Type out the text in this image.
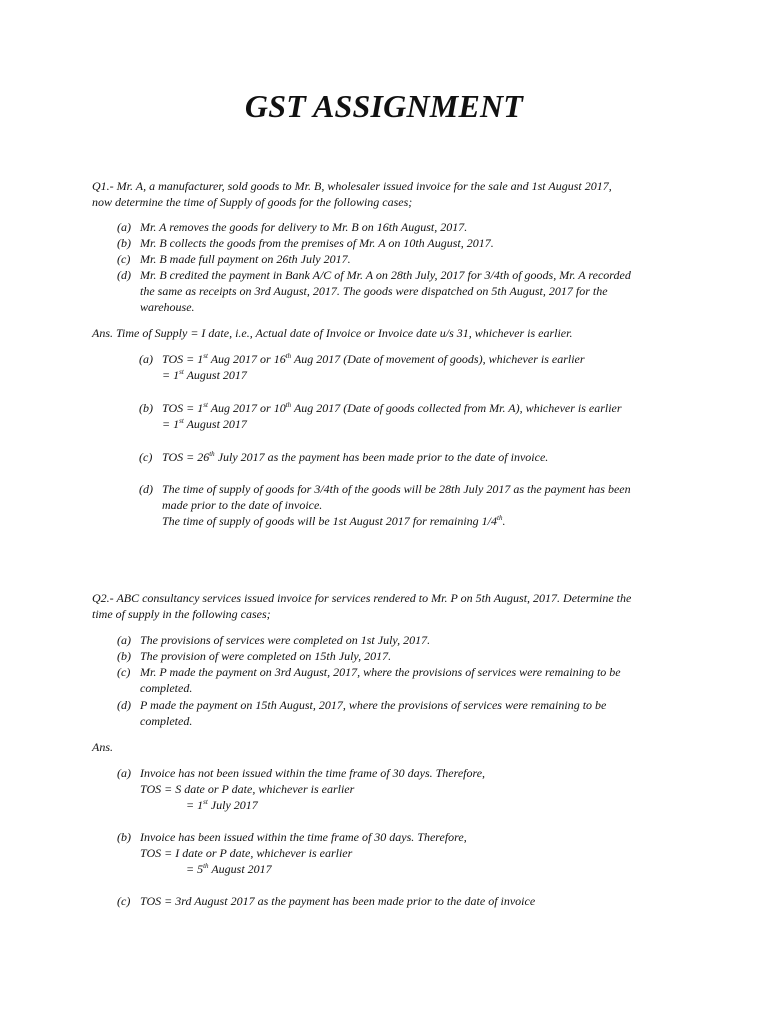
GST ASSIGNMENT
Q1.- Mr. A, a manufacturer, sold goods to Mr. B, wholesaler issued invoice for the sale and 1st August 2017,
now determine the time of Supply of goods for the following cases;
(a) Mr. A removes the goods for delivery to Mr. B on 16th August, 2017.
(b) Mr. B collects the goods from the premises of Mr. A on 10th August, 2017.
(c) Mr. B made full payment on 26th July 2017.
(d) Mr. B credited the payment in Bank A/C of Mr. A on 28th July, 2017 for 3/4th of goods, Mr. A recorded
the same as receipts on 3rd August, 2017. The goods were dispatched on 5th August, 2017 for the
warehouse.
Ans. Time of Supply = I date, i.e., Actual date of Invoice or Invoice date u/s 31, whichever is earlier.
(a) TOS = 1st Aug 2017 or 16th Aug 2017 (Date of movement of goods), whichever is earlier
= 1st August 2017
(b) TOS = 1st Aug 2017 or 10th Aug 2017 (Date of goods collected from Mr. A), whichever is earlier
= 1st August 2017
(c) TOS = 26th July 2017 as the payment has been made prior to the date of invoice.
(d) The time of supply of goods for 3/4th of the goods will be 28th July 2017 as the payment has been
made prior to the date of invoice.
The time of supply of goods will be 1st August 2017 for remaining 1/4th.
Q2.- ABC consultancy services issued invoice for services rendered to Mr. P on 5th August, 2017. Determine the
time of supply in the following cases;
(a) The provisions of services were completed on 1st July, 2017.
(b) The provision of were completed on 15th July, 2017.
(c) Mr. P made the payment on 3rd August, 2017, where the provisions of services were remaining to be
completed.
(d) P made the payment on 15th August, 2017, where the provisions of services were remaining to be
completed.
Ans.
(a) Invoice has not been issued within the time frame of 30 days. Therefore,
TOS = S date or P date, whichever is earlier
= 1st July 2017
(b) Invoice has been issued within the time frame of 30 days. Therefore,
TOS = I date or P date, whichever is earlier
= 5th August 2017
(c) TOS = 3rd August 2017 as the payment has been made prior to the date of invoice
